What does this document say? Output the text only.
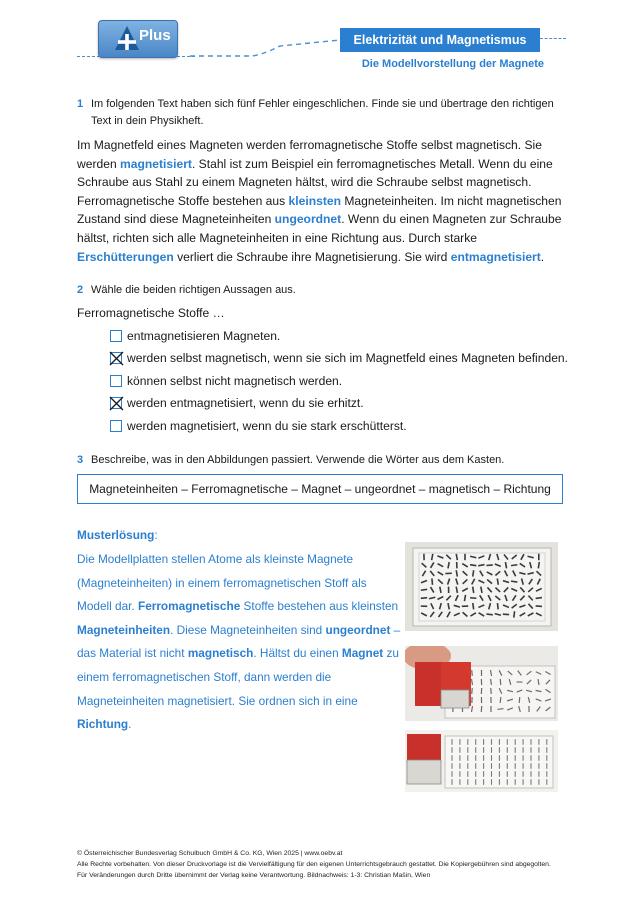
Plus	Elektrizität und Magnetismus
Die Modellvorstellung der Magnete
1 Im folgenden Text haben sich fünf Fehler eingeschlichen. Finde sie und übertrage den richtigen
Text in dein Physikheft.
Im Magnetfeld eines Magneten werden ferromagnetische Stoffe selbst magnetisch. Sie werden magnetisiert. Stahl ist zum Beispiel ein ferromagnetisches Metall. Wenn du eine Schraube aus Stahl zu einem Magneten hältst, wird die Schraube selbst magnetisch. Ferromagnetische Stoffe bestehen aus kleinsten Magneteinheiten. Im nicht magnetischen Zustand sind diese Magneteinheiten ungeordnet. Wenn du einen Magneten zur Schraube hältst, richten sich alle Magneteinheiten in eine Richtung aus. Durch starke Erschütterungen verliert die Schraube ihre Magnetisierung. Sie wird entmagnetisiert.
2 Wähle die beiden richtigen Aussagen aus.
Ferromagnetische Stoffe …
entmagnetisieren Magneten.
werden selbst magnetisch, wenn sie sich im Magnetfeld eines Magneten befinden.
können selbst nicht magnetisch werden.
werden entmagnetisiert, wenn du sie erhitzt.
werden magnetisiert, wenn du sie stark erschütterst.
3 Beschreibe, was in den Abbildungen passiert. Verwende die Wörter aus dem Kasten.
Magneteinheiten – Ferromagnetische – Magnet – ungeordnet – magnetisch – Richtung
Musterlösung:
Die Modellplatten stellen Atome als kleinste Magnete (Magneteinheiten) in einem ferromagnetischen Stoff als Modell dar. Ferromagnetische Stoffe bestehen aus kleinsten Magneteinheiten. Diese Magneteinheiten sind ungeordnet – das Material ist nicht magnetisch. Hältst du einen Magnet zu einem ferromagnetischen Stoff, dann werden die Magneteinheiten magnetisiert. Sie ordnen sich in eine Richtung.
© Österreichischer Bundesverlag Schulbuch GmbH & Co. KG, Wien 2025 | www.oebv.at
Alle Rechte vorbehalten. Von dieser Druckvorlage ist die Vervielfältigung für den eigenen Unterrichtsgebrauch gestattet. Die Kopiergebühren sind abgegolten.
Für Veränderungen durch Dritte übernimmt der Verlag keine Verantwortung. Bildnachweis: 1-3: Christian Mašin, Wien
